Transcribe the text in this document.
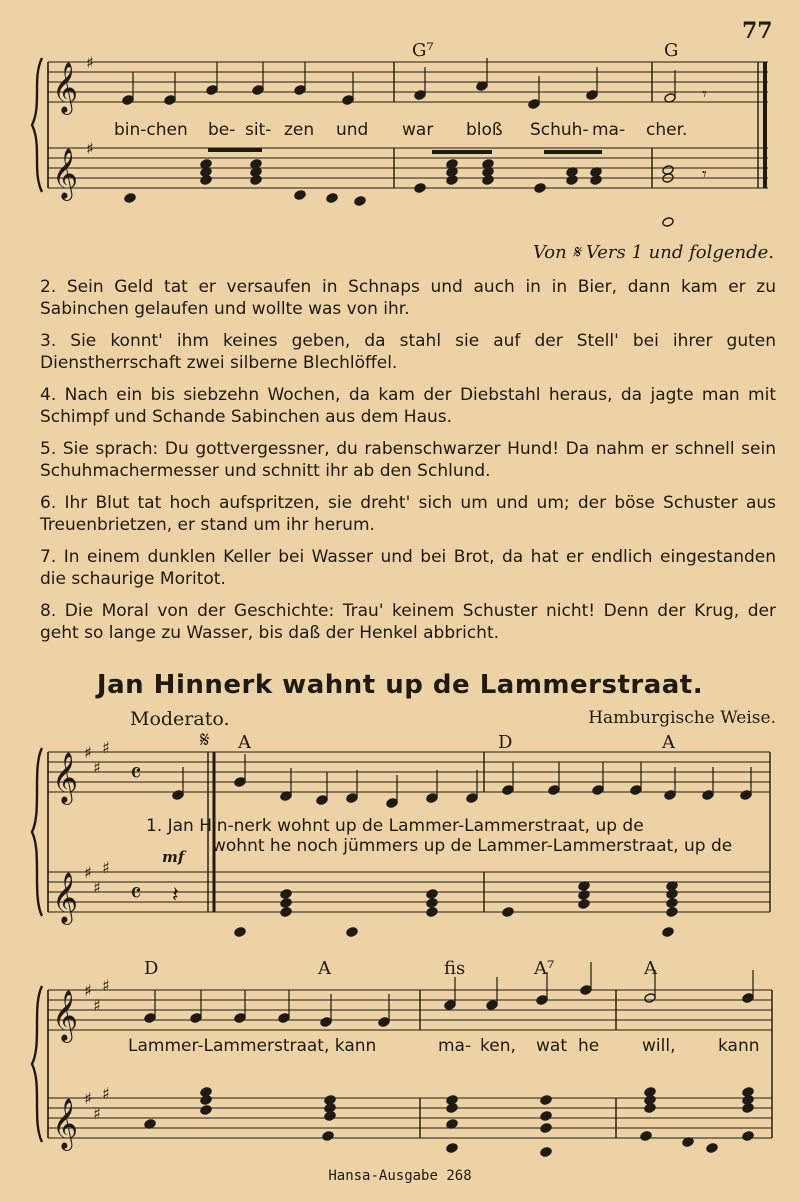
𝄞
𝄞
♯
♯
𝄾
𝄾
𝄞
𝄞
♯
♯
♯
♯
♯
♯
𝄴
𝄴 𝄽
𝄞
𝄞
♯
♯
♯
♯
♯
♯
77
G⁷	G
bin-chen be- sit- zen und war bloß Schuh- ma- cher.
Von 𝄋 Vers 1 und folgende.
2. Sein Geld tat er versaufen in Schnaps und auch in in Bier, dann kam er zu Sabinchen gelaufen und wollte was von ihr.
3. Sie konnt' ihm keines geben, da stahl sie auf der Stell' bei ihrer guten Dienstherrschaft zwei silberne Blechlöffel.
4. Nach ein bis siebzehn Wochen, da kam der Diebstahl heraus, da jagte man mit Schimpf und Schande Sabinchen aus dem Haus.
5. Sie sprach: Du gottvergessner, du rabenschwarzer Hund! Da nahm er schnell sein Schuhmachermesser und schnitt ihr ab den Schlund.
6. Ihr Blut tat hoch aufspritzen, sie dreht' sich um und um; der böse Schuster aus Treuenbrietzen, er stand um ihr herum.
7. In einem dunklen Keller bei Wasser und bei Brot, da hat er endlich eingestanden die schaurige Moritot.
8. Die Moral von der Geschichte: Trau' keinem Schuster nicht! Denn der Krug, der geht so lange zu Wasser, bis daß der Henkel abbricht.
Jan Hinnerk wahnt up de Lammerstraat.
Moderato.	Hamburgische Weise.
𝄋 A	D	A
1. Jan Hin-nerk wohnt up de Lammer-Lammerstraat, up de
wohnt he noch jümmers up de Lammer-Lammerstraat, up de
mf
D	A	fis	A⁷	A
Lammer-Lammerstraat, kann	ma- ken, wat he	will,	kann
Hansa-Ausgabe 268
